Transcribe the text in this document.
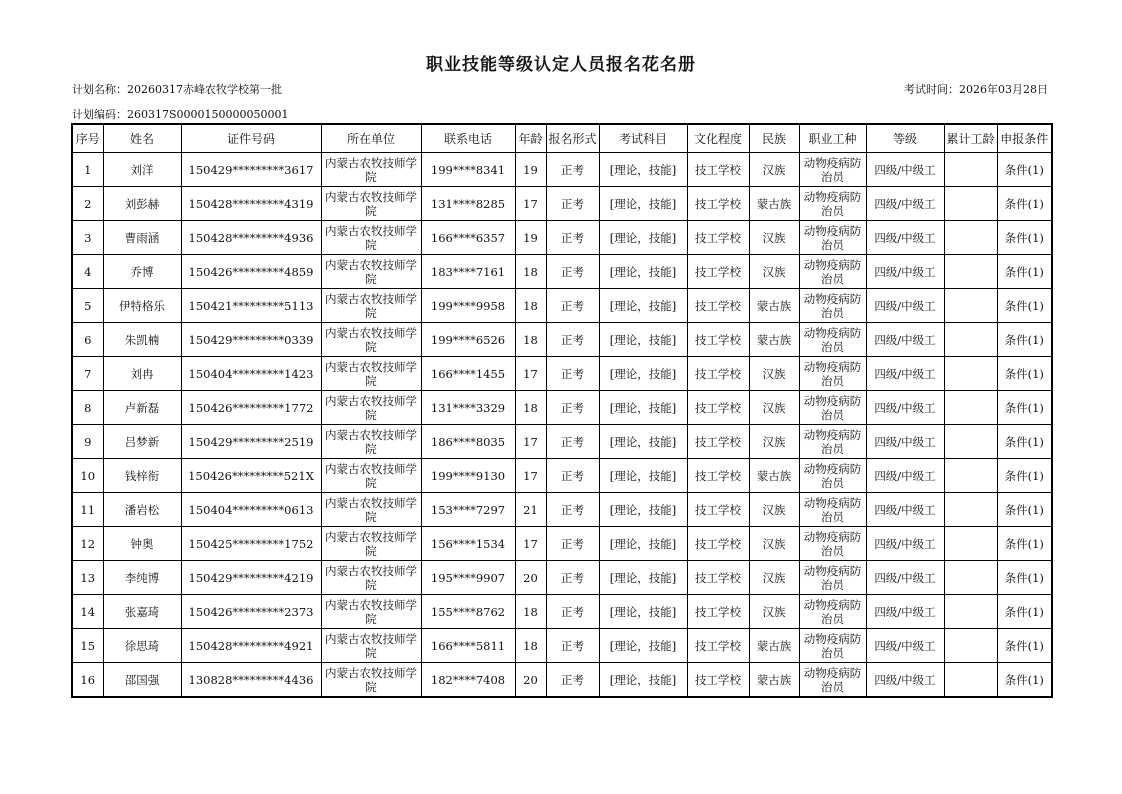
职业技能等级认定人员报名花名册
计划名称：20260317赤峰农牧学校第一批	考试时间：2026年03月28日
计划编码：260317S0000150000050001
序号	姓名	证件号码	所在单位	联系电话	年龄	报名形式	考试科目	文化程度	民族	职业工种	等级	累计工龄	申报条件
1	刘洋	150429*********3617	内蒙古农牧技师学院	199****8341	19	正考	[理论，技能]	技工学校	汉族	动物疫病防治员	四级/中级工		条件(1)
2	刘彭赫	150428*********4319	内蒙古农牧技师学院	131****8285	17	正考	[理论，技能]	技工学校	蒙古族	动物疫病防治员	四级/中级工		条件(1)
3	曹雨涵	150428*********4936	内蒙古农牧技师学院	166****6357	19	正考	[理论，技能]	技工学校	汉族	动物疫病防治员	四级/中级工		条件(1)
4	乔博	150426*********4859	内蒙古农牧技师学院	183****7161	18	正考	[理论，技能]	技工学校	汉族	动物疫病防治员	四级/中级工		条件(1)
5	伊特格乐	150421*********5113	内蒙古农牧技师学院	199****9958	18	正考	[理论，技能]	技工学校	蒙古族	动物疫病防治员	四级/中级工		条件(1)
6	朱凯楠	150429*********0339	内蒙古农牧技师学院	199****6526	18	正考	[理论，技能]	技工学校	蒙古族	动物疫病防治员	四级/中级工		条件(1)
7	刘冉	150404*********1423	内蒙古农牧技师学院	166****1455	17	正考	[理论，技能]	技工学校	汉族	动物疫病防治员	四级/中级工		条件(1)
8	卢新磊	150426*********1772	内蒙古农牧技师学院	131****3329	18	正考	[理论，技能]	技工学校	汉族	动物疫病防治员	四级/中级工		条件(1)
9	吕梦新	150429*********2519	内蒙古农牧技师学院	186****8035	17	正考	[理论，技能]	技工学校	汉族	动物疫病防治员	四级/中级工		条件(1)
10	钱梓衔	150426*********521X	内蒙古农牧技师学院	199****9130	17	正考	[理论，技能]	技工学校	蒙古族	动物疫病防治员	四级/中级工		条件(1)
11	潘岩松	150404*********0613	内蒙古农牧技师学院	153****7297	21	正考	[理论，技能]	技工学校	汉族	动物疫病防治员	四级/中级工		条件(1)
12	钟奥	150425*********1752	内蒙古农牧技师学院	156****1534	17	正考	[理论，技能]	技工学校	汉族	动物疫病防治员	四级/中级工		条件(1)
13	李纯博	150429*********4219	内蒙古农牧技师学院	195****9907	20	正考	[理论，技能]	技工学校	汉族	动物疫病防治员	四级/中级工		条件(1)
14	张嘉琦	150426*********2373	内蒙古农牧技师学院	155****8762	18	正考	[理论，技能]	技工学校	汉族	动物疫病防治员	四级/中级工		条件(1)
15	徐思琦	150428*********4921	内蒙古农牧技师学院	166****5811	18	正考	[理论，技能]	技工学校	蒙古族	动物疫病防治员	四级/中级工		条件(1)
16	邵国强	130828*********4436	内蒙古农牧技师学院	182****7408	20	正考	[理论，技能]	技工学校	蒙古族	动物疫病防治员	四级/中级工		条件(1)
